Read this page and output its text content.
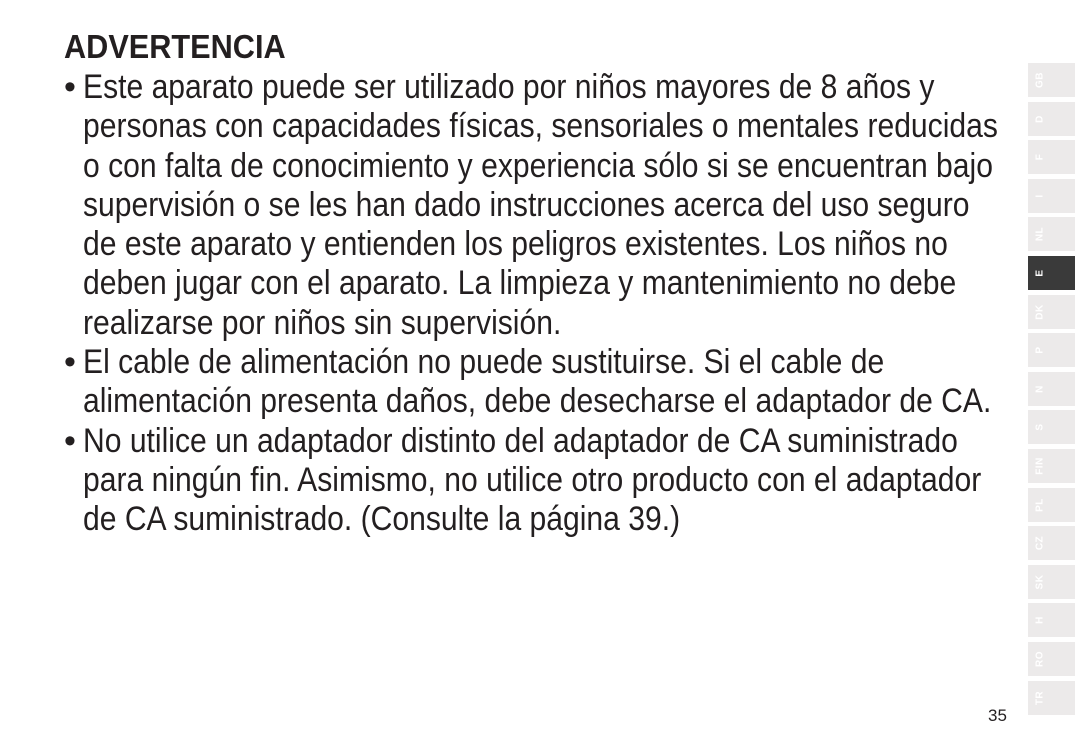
ADVERTENCIA
• Este aparato puede ser utilizado por niños mayores de 8 años y personas con capacidades físicas, sensoriales o mentales reducidas o con falta de conocimiento y experiencia sólo si se encuentran bajo supervisión o se les han dado instrucciones acerca del uso seguro de este aparato y entienden los peligros existentes. Los niños no deben jugar con el aparato. La limpieza y mantenimiento no debe realizarse por niños sin supervisión.
• El cable de alimentación no puede sustituirse. Si el cable de alimentación presenta daños, debe desecharse el adaptador de CA.
• No utilice un adaptador distinto del adaptador de CA suministrado para ningún fin. Asimismo, no utilice otro producto con el adaptador de CA suministrado. (Consulte la página 39.)
GB
D
F
I
NL
E
DK
P
N
S
FIN
PL
CZ
SK
H
RO
TR
35
